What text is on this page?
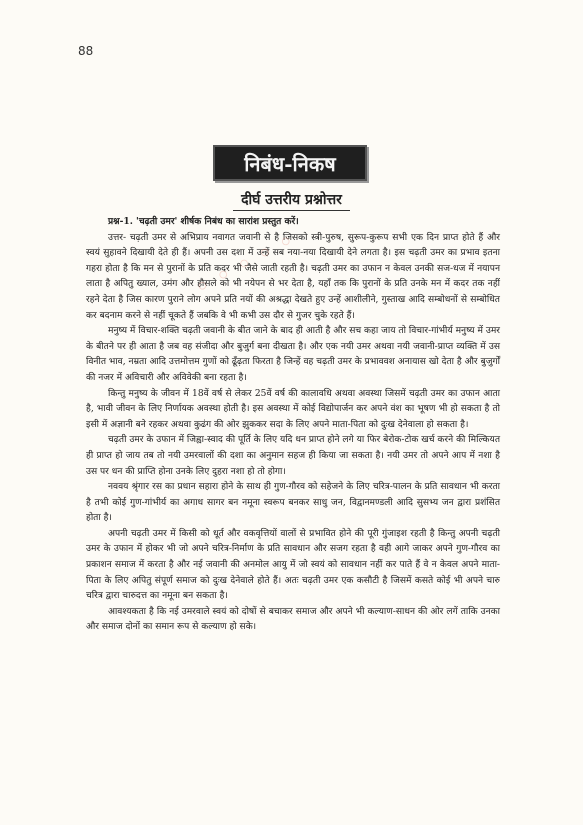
88
निबंध-निकष
दीर्घ उत्तरीय प्रश्नोत्तर

प्रश्न-1. 'चढ़ती उमर' शीर्षक निबंध का सारांश प्रस्तुत करें।

उत्तर- चढ़ती उमर से अभिप्राय नवागत जवानी से है जिसको स्त्री-पुरुष, सुरूप-कुरूप सभी एक दिन प्राप्त होते हैं और स्वयं सुहावने दिखायी देते ही हैं। अपनी उस दशा में उन्हें सब नया-नया दिखायी देने लगता है। इस चढ़ती उमर का प्रभाव इतना गहरा होता है कि मन से पुरानों के प्रति कदर भी जैसे जाती रहती है। चढ़ती उमर का उफान न केवल उनकी सज-धज में नयापन लाता है अपितु ख्याल, उमंग और हौसले को भी नयेपन से भर देता है, यहाँ तक कि पुरानों के प्रति उनके मन में कदर तक नहीं रहने देता है जिस कारण पुराने लोग अपने प्रति नयों की अश्रद्धा देखते हुए उन्हें आशीलीने, गुस्ताख आदि सम्बोधनों से सम्बोधित कर बदनाम करने से नहीं चूकते हैं जबकि वे भी कभी उस दौर से गुजर चुके रहते हैं।

मनुष्य में विचार-शक्ति चढ़ती जवानी के बीत जाने के बाद ही आती है और सच कहा जाय तो विचार-गांभीर्य मनुष्य में उमर के बीतने पर ही आता है जब वह संजीदा और बुजुर्ग बना दीखता है। और एक नयी उमर अथवा नयी जवानी-प्राप्त व्यक्ति में उस विनीत भाव, नम्रता आदि उत्तमोत्तम गुणों को ढूँढ़ता फिरता है जिन्हें वह चढ़ती उमर के प्रभाववश अनायास खो देता है और बुजुर्गों की नजर में अविचारी और अविवेकी बना रहता है।

किन्तु मनुष्य के जीवन में 18वें वर्ष से लेकर 25वें वर्ष की कालावधि अथवा अवस्था जिसमें चढ़ती उमर का उफान आता है, भावी जीवन के लिए निर्णायक अवस्था होती है। इस अवस्था में कोई विद्योपार्जन कर अपने वंश का भूषण भी हो सकता है तो इसी में अज्ञानी बने रहकर अथवा कुढंग की ओर झुककर सदा के लिए अपने माता-पिता को दुःख देनेवाला हो सकता है।

चढ़ती उमर के उफान में जिह्वा-स्वाद की पूर्ति के लिए यदि धन प्राप्त होने लगे या फिर बेरोक-टोक खर्च करने की मिल्कियत ही प्राप्त हो जाय तब तो नयी उमरवालों की दशा का अनुमान सहज ही किया जा सकता है। नयी उमर तो अपने आप में नशा है उस पर धन की प्राप्ति होना उनके लिए दुहरा नशा हो तो होगा।

नववय श्रृंगार रस का प्रधान सहारा होने के साथ ही गुण-गौरव को सहेजने के लिए चरित्र-पालन के प्रति सावधान भी करता है तभी कोई गुण-गांभीर्य का अगाध सागर बन नमूना स्वरूप बनकर साधु जन, विद्वानमण्डली आदि सुसभ्य जन द्वारा प्रशंसित होता है।

अपनी चढ़ती उमर में किसी को धूर्त और वकवृत्तियों वालों से प्रभावित होने की पूरी गुंजाइश रहती है किन्तु अपनी चढ़ती उमर के उफान में होकर भी जो अपने चरित्र-निर्माण के प्रति सावधान और सजग रहता है वही आगे जाकर अपने गुण-गौरव का प्रकाशन समाज में करता है और नई जवानी की अनमोल आयु में जो स्वयं को सावधान नहीं कर पाते हैं वे न केवल अपने माता-पिता के लिए अपितु संपूर्ण समाज को दुःख देनेवाले होते हैं। अतः चढ़ती उमर एक कसौटी है जिसमें कसते कोई भी अपने चारु चरित्र द्वारा चारुदत्त का नमूना बन सकता है।

आवश्यकता है कि नई उमरवाले स्वयं को दोषों से बचाकर समाज और अपने भी कल्याण-साधन की ओर लगें ताकि उनका और समाज दोनों का समान रूप से कल्याण हो सके।

◦ ◦ ◦ ◦ ◦
